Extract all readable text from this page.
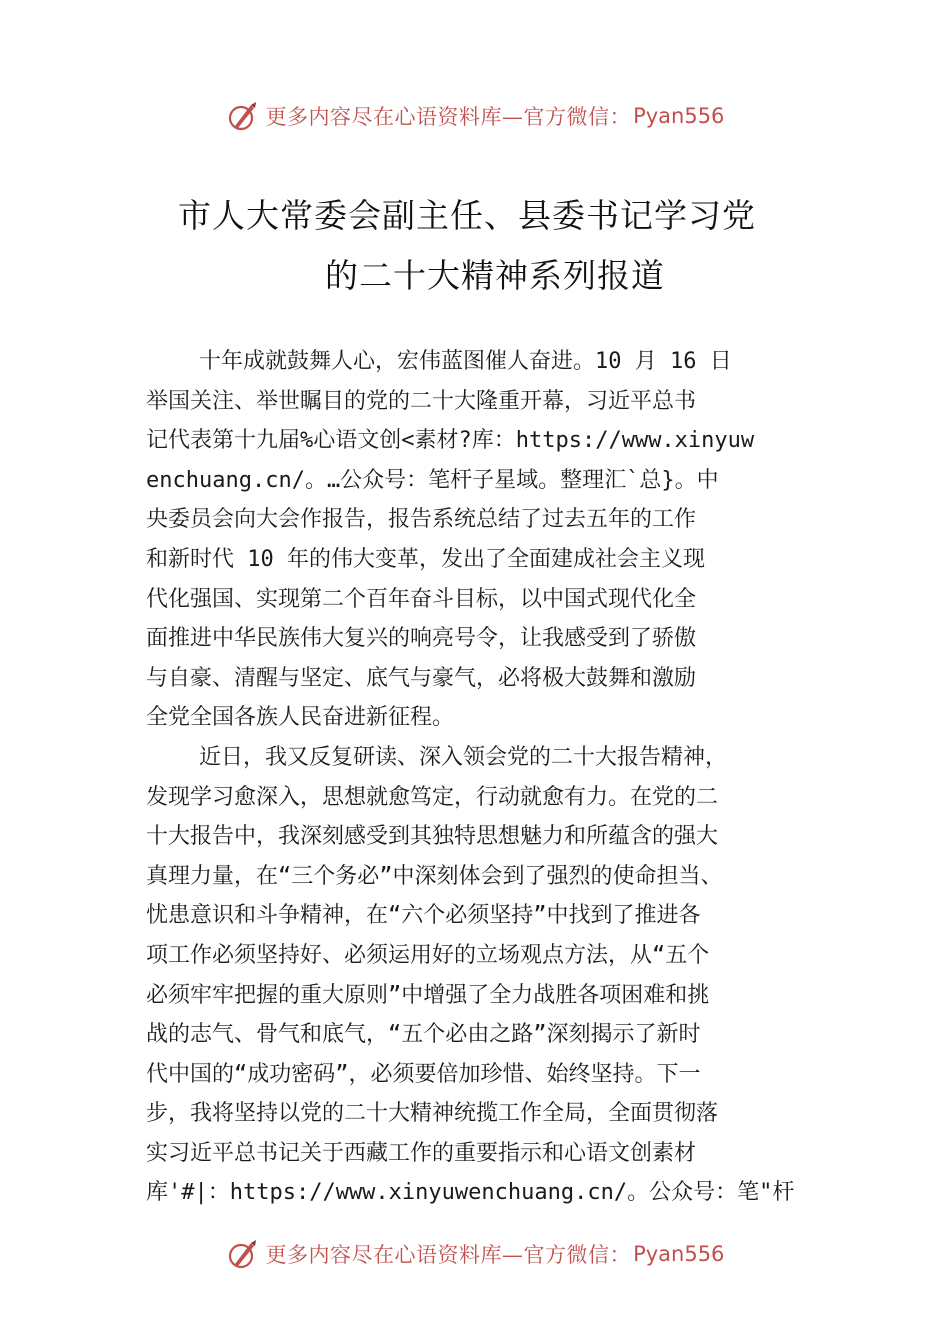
更多内容尽在心语资料库—官方微信： Pyan556
市人大常委会副主任、县委书记学习党
的二十大精神系列报道
十年成就鼓舞人心，宏伟蓝图催人奋进。10 月 16 日
举国关注、举世瞩目的党的二十大隆重开幕，习近平总书
记代表第十九届%心语文创<素材?库：https://www.xinyuw
enchuang.cn/。…公众号：笔杆子星域。整理汇`总}。中
央委员会向大会作报告，报告系统总结了过去五年的工作
和新时代 10 年的伟大变革，发出了全面建成社会主义现
代化强国、实现第二个百年奋斗目标，以中国式现代化全
面推进中华民族伟大复兴的响亮号令，让我感受到了骄傲
与自豪、清醒与坚定、底气与豪气，必将极大鼓舞和激励
全党全国各族人民奋进新征程。
近日，我又反复研读、深入领会党的二十大报告精神，
发现学习愈深入，思想就愈笃定，行动就愈有力。在党的二
十大报告中，我深刻感受到其独特思想魅力和所蕴含的强大
真理力量，在“三个务必”中深刻体会到了强烈的使命担当、
忧患意识和斗争精神，在“六个必须坚持”中找到了推进各
项工作必须坚持好、必须运用好的立场观点方法，从“五个
必须牢牢把握的重大原则”中增强了全力战胜各项困难和挑
战的志气、骨气和底气，“五个必由之路”深刻揭示了新时
代中国的“成功密码”，必须要倍加珍惜、始终坚持。下一
步，我将坚持以党的二十大精神统揽工作全局，全面贯彻落
实习近平总书记关于西藏工作的重要指示和心语文创素材
库'#|：https://www.xinyuwenchuang.cn/。公众号：笔"杆
更多内容尽在心语资料库—官方微信： Pyan556
